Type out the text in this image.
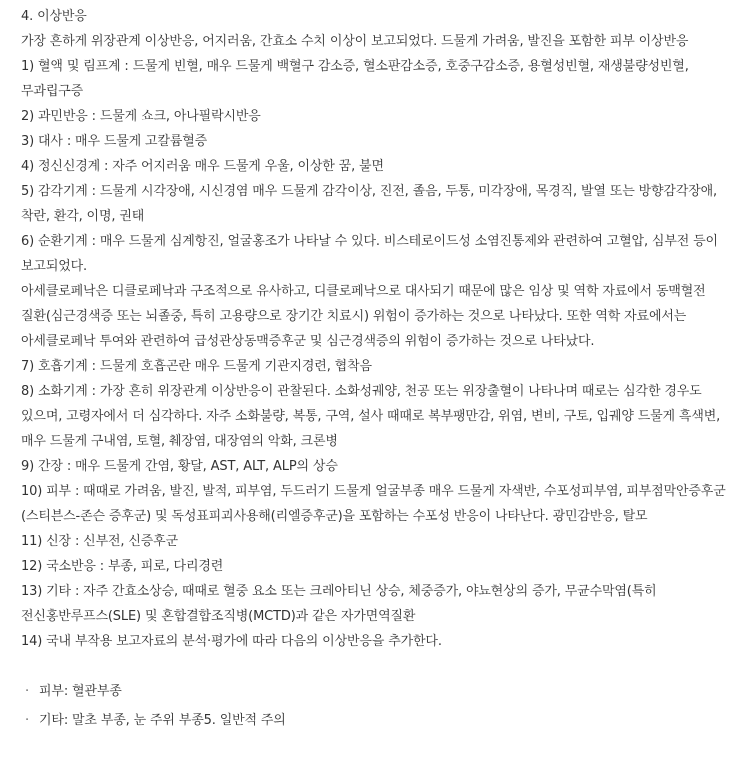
4. 이상반응

가장 흔하게 위장관계 이상반응, 어지러움, 간효소 수치 이상이 보고되었다. 드물게 가려움, 발진을 포함한 피부 이상반응

1) 혈액 및 림프계 : 드물게 빈혈, 매우 드물게 백혈구 감소증, 혈소판감소증, 호중구감소증, 용혈성빈혈, 재생불량성빈혈, 무과립구증

2) 과민반응 : 드물게 쇼크, 아나필락시반응

3) 대사 : 매우 드물게 고칼륨혈증

4) 정신신경계 : 자주 어지러움 매우 드물게 우울, 이상한 꿈, 불면

5) 감각기계 : 드물게 시각장애, 시신경염 매우 드물게 감각이상, 진전, 졸음, 두통, 미각장애, 목경직, 발열 또는 방향감각장애, 착란, 환각, 이명, 권태

6) 순환기계 : 매우 드물게 심계항진, 얼굴홍조가 나타날 수 있다. 비스테로이드성 소염진통제와 관련하여 고혈압, 심부전 등이 보고되었다.

아세클로페낙은 디클로페낙과 구조적으로 유사하고, 디클로페낙으로 대사되기 때문에 많은 임상 및 역학 자료에서 동맥혈전 질환(심근경색증 또는 뇌졸중, 특히 고용량으로 장기간 치료시) 위험이 증가하는 것으로 나타났다. 또한 역학 자료에서는 아세클로페낙 투여와 관련하여 급성관상동맥증후군 및 심근경색증의 위험이 증가하는 것으로 나타났다.

7) 호흡기계 : 드물게 호흡곤란 매우 드물게 기관지경련, 협착음

8) 소화기계 : 가장 흔히 위장관계 이상반응이 관찰된다. 소화성궤양, 천공 또는 위장출혈이 나타나며 때로는 심각한 경우도 있으며, 고령자에서 더 심각하다. 자주 소화불량, 복통, 구역, 설사 때때로 복부팽만감, 위염, 변비, 구토, 입궤양 드물게 흑색변, 매우 드물게 구내염, 토혈, 췌장염, 대장염의 악화, 크론병

9) 간장 : 매우 드물게 간염, 황달, AST, ALT, ALP의 상승

10) 피부 : 때때로 가려움, 발진, 발적, 피부염, 두드러기 드물게 얼굴부종 매우 드물게 자색반, 수포성피부염, 피부점막안증후군(스티븐스-존슨 증후군) 및 독성표피괴사용해(리엘증후군)을 포함하는 수포성 반응이 나타난다. 광민감반응, 탈모

11) 신장 : 신부전, 신증후군

12) 국소반응 : 부종, 피로, 다리경련

13) 기타 : 자주 간효소상승, 때때로 혈중 요소 또는 크레아티닌 상승, 체중증가, 야뇨현상의 증가, 무균수막염(특히 전신홍반루프스(SLE) 및 혼합결합조직병(MCTD)과 같은 자가면역질환

14) 국내 부작용 보고자료의 분석·평가에 따라 다음의 이상반응을 추가한다.

· 피부: 혈관부종
· 기타: 말초 부종, 눈 주위 부종5. 일반적 주의
